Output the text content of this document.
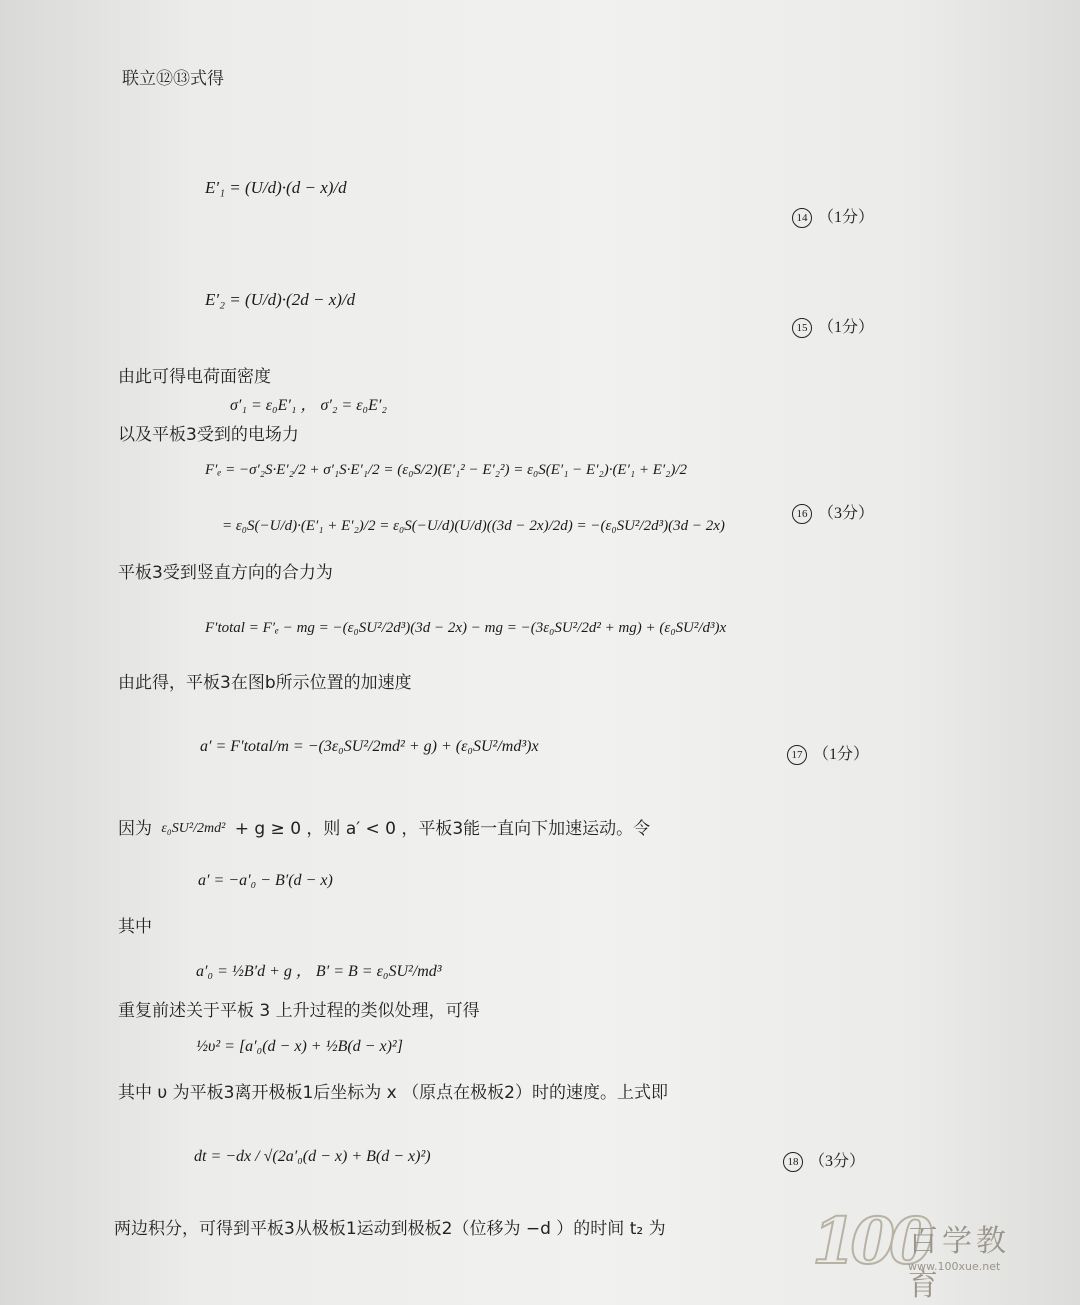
联立⑫⑬式得
E′₁ = (U/d)·(d − x)/d
14 （1分）
E′₂ = (U/d)·(2d − x)/d
15 （1分）
由此可得电荷面密度
σ′₁ = ε₀E′₁ ， σ′₂ = ε₀E′₂
以及平板3受到的电场力
F′ₑ = −σ′₂S·E′₂/2 + σ′₁S·E′₁/2 = (ε₀S/2)(E′₁² − E′₂²) = ε₀S(E′₁ − E′₂)·(E′₁ + E′₂)/2
= ε₀S(−U/d)·(E′₁ + E′₂)/2 = ε₀S(−U/d)(U/d)((3d − 2x)/2d) = −(ε₀SU²/2d³)(3d − 2x)
16 （3分）
平板3受到竖直方向的合力为
F′total = F′ₑ − mg = −(ε₀SU²/2d³)(3d − 2x) − mg = −(3ε₀SU²/2d² + mg) + (ε₀SU²/d³)x
由此得，平板3在图b所示位置的加速度
a′ = F′total/m = −(3ε₀SU²/2md² + g) + (ε₀SU²/md³)x
17 （1分）
因为 ε₀SU²/2md² + g ≥ 0 ，则 a′ < 0 ，平板3能一直向下加速运动。令
a′ = −a′₀ − B′(d − x)
其中
a′₀ = ½B′d + g ， B′ = B = ε₀SU²/md³
重复前述关于平板 3 上升过程的类似处理，可得
½υ² = [a′₀(d − x) + ½B(d − x)²]
其中 υ 为平板3离开极板1后坐标为 x （原点在极板2）时的速度。上式即
dt = −dx / √(2a′₀(d − x) + B(d − x)²)	18 （3分）
两边积分，可得到平板3从极板1运动到极板2（位移为 −d ）的时间 t₂ 为 100
百学教育
www.100xue.net
